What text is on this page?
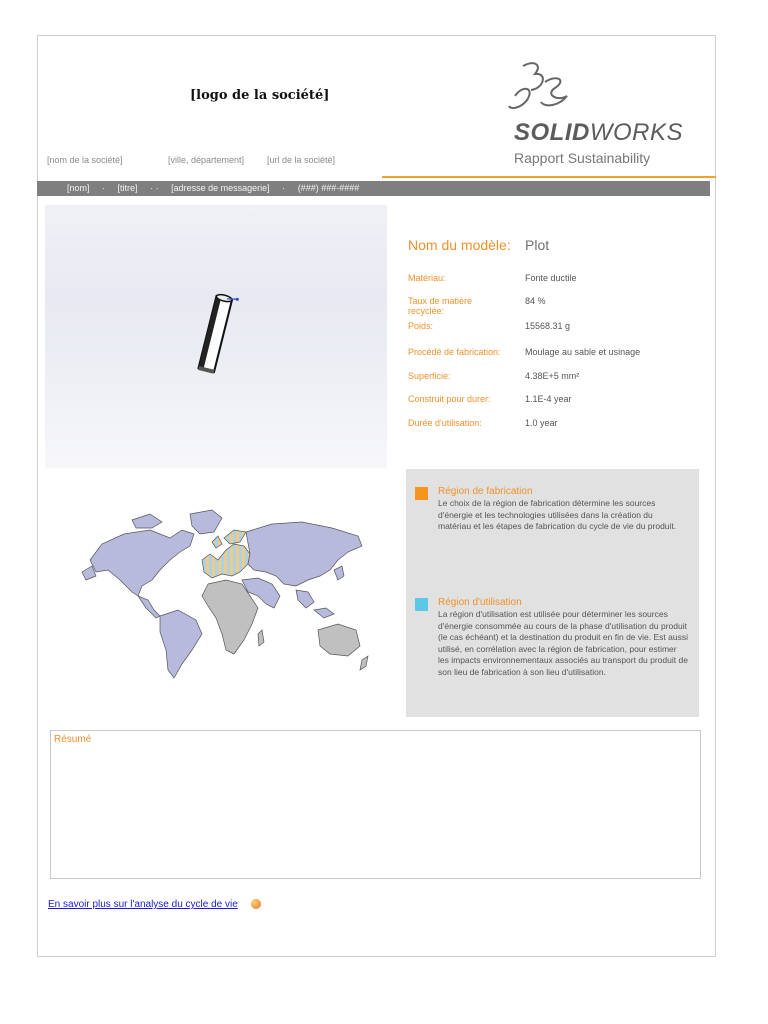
[logo de la société]
[nom de la société]	[ville, département]	[url de la société]
SOLIDWORKS
Rapport Sustainability
[nom] · [titre] · · [adresse de messagerie] · (###) ###-####
Nom du modèle: Plot
Matériau:	Fonte ductile
Taux de matière recyclée:
84 %
Poids:	15568.31 g
Procédé de fabrication:	Moulage au sable et usinage
Superficie:	4.38E+5 mm²
Construit pour durer:	1.1E-4 year
Durée d'utilisation:	1.0 year
Région de fabrication
Le choix de la région de fabrication détermine les sources d'énergie et les technologies utilisées dans la création du matériau et les étapes de fabrication du cycle de vie du produit.
Région d'utilisation
La région d'utilisation est utilisée pour déterminer les sources d'énergie consommée au cours de la phase d'utilisation du produit (le cas échéant) et la destination du produit en fin de vie. Est aussi utilisé, en corrélation avec la région de fabrication, pour estimer les impacts environnementaux associés au transport du produit de son lieu de fabrication à son lieu d'utilisation.
Résumé
En savoir plus sur l'analyse du cycle de vie
